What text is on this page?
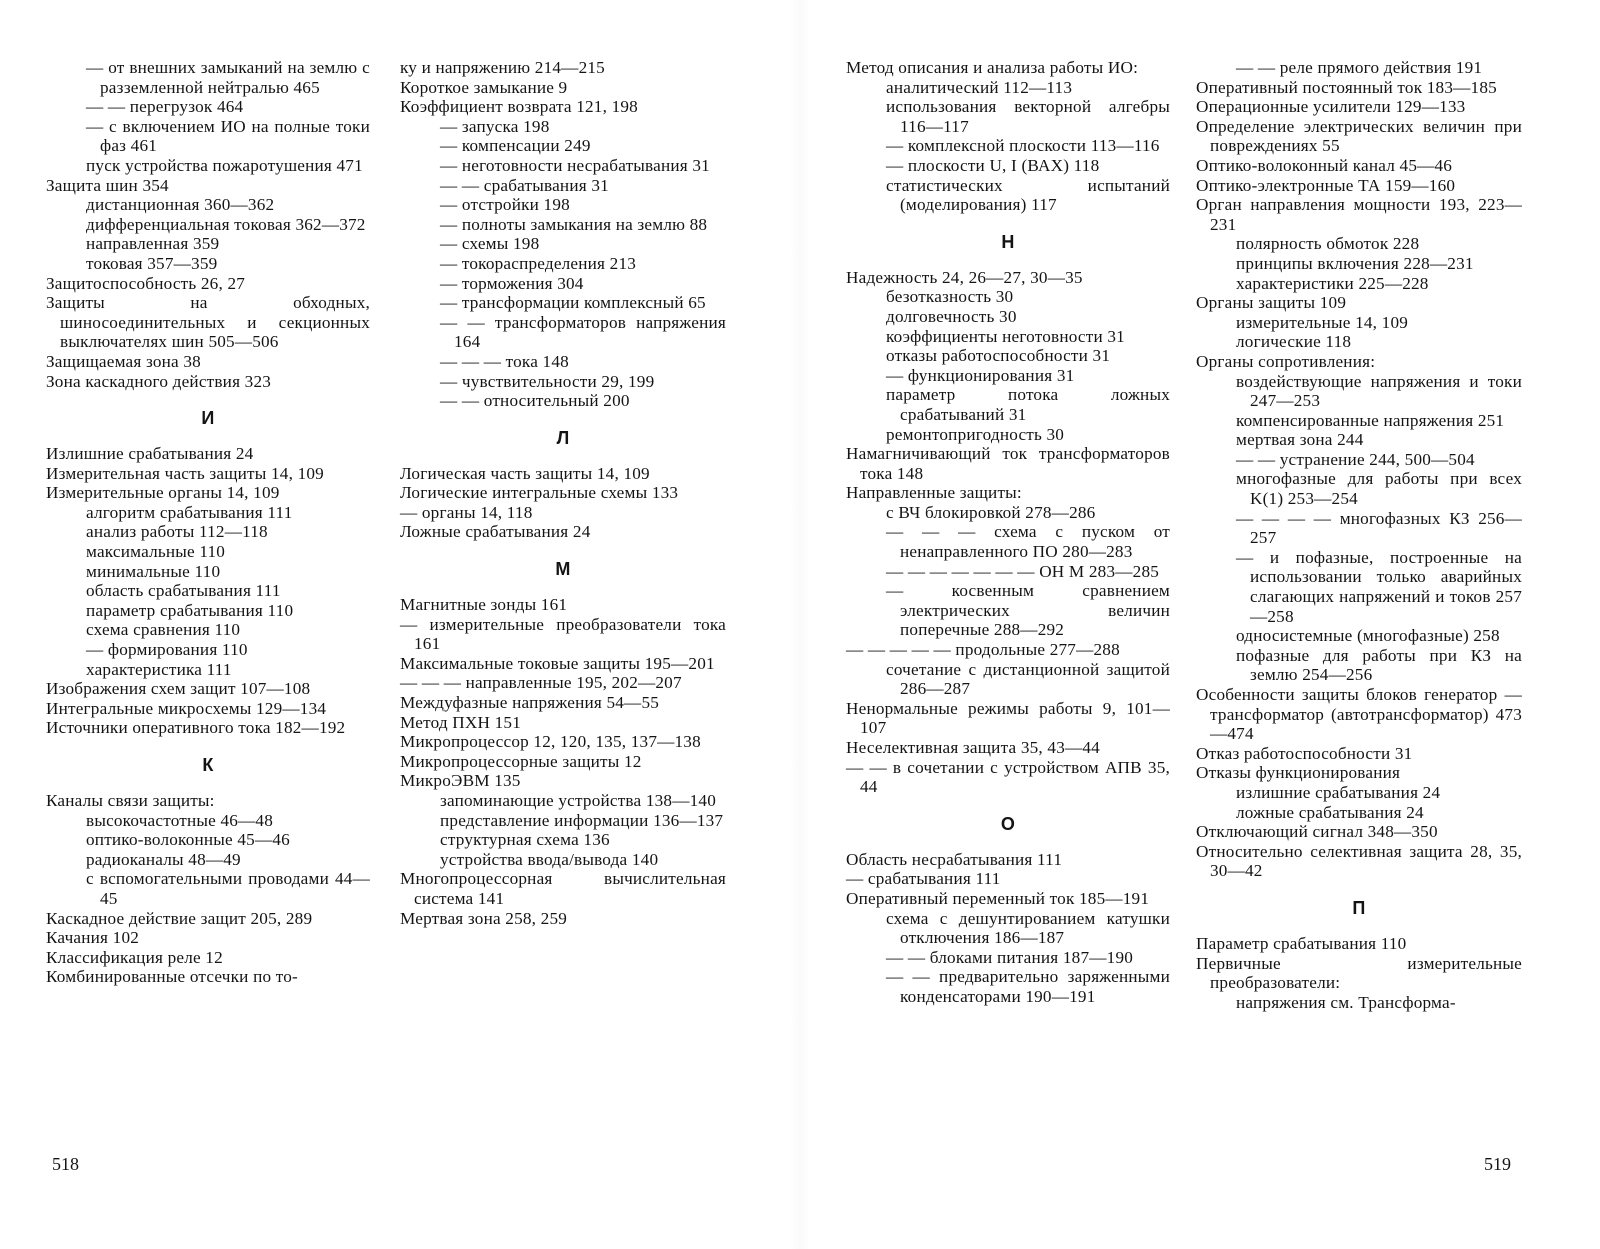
— от внешних замыканий на землю с разземленной нейтралью 465
— — перегрузок 464
— с включением ИО на полные токи фаз 461
пуск устройства пожаротушения 471
Защита шин 354
дистанционная 360—362
дифференциальная токовая 362—372
направленная 359
токовая 357—359
Защитоспособность 26, 27
Защиты на обходных, шиносоединительных и секционных выключателях шин 505—506
Защищаемая зона 38
Зона каскадного действия 323
И
Излишние срабатывания 24
Измерительная часть защиты 14, 109
Измерительные органы 14, 109
алгоритм срабатывания 111
анализ работы 112—118
максимальные 110
минимальные 110
область срабатывания 111
параметр срабатывания 110
схема сравнения 110
— формирования 110
характеристика 111
Изображения схем защит 107—108
Интегральные микросхемы 129—134
Источники оперативного тока 182—192
К
Каналы связи защиты:
высокочастотные 46—48
оптико-волоконные 45—46
радиоканалы 48—49
с вспомогательными проводами 44—45
Каскадное действие защит 205, 289
Качания 102
Классификация реле 12
Комбинированные отсечки по то-
ку и напряжению 214—215
Короткое замыкание 9
Коэффициент возврата 121, 198
— запуска 198
— компенсации 249
— неготовности несрабатывания 31
— — срабатывания 31
— отстройки 198
— полноты замыкания на землю 88
— схемы 198
— токораспределения 213
— торможения 304
— трансформации комплексный 65
— — трансформаторов напряжения 164
— — — тока 148
— чувствительности 29, 199
— — относительный 200
Л
Логическая часть защиты 14, 109
Логические интегральные схемы 133
— органы 14, 118
Ложные срабатывания 24
М
Магнитные зонды 161
— измерительные преобразователи тока 161
Максимальные токовые защиты 195—201
— — — направленные 195, 202—207
Междуфазные напряжения 54—55
Метод ПХН 151
Микропроцессор 12, 120, 135, 137—138
Микропроцессорные защиты 12
МикроЭВМ 135
запоминающие устройства 138—140
представление информации 136—137
структурная схема 136
устройства ввода/вывода 140
Многопроцессорная вычислительная система 141
Мертвая зона 258, 259
Метод описания и анализа работы ИО:
аналитический 112—113
использования векторной алгебры 116—117
— комплексной плоскости 113—116
— плоскости U, I (ВАХ) 118
статистических испытаний (моделирования) 117
Н
Надежность 24, 26—27, 30—35
безотказность 30
долговечность 30
коэффициенты неготовности 31
отказы работоспособности 31
— функционирования 31
параметр потока ложных срабатываний 31
ремонтопригодность 30
Намагничивающий ток трансформаторов тока 148
Направленные защиты:
с ВЧ блокировкой 278—286
— — — схема с пуском от ненаправленного ПО 280—283
— — — — — — — ОН М 283—285
— косвенным сравнением электрических величин поперечные 288—292
— — — — — продольные 277—288
сочетание с дистанционной защитой 286—287
Ненормальные режимы работы 9, 101—107
Неселективная защита 35, 43—44
— — в сочетании с устройством АПВ 35, 44
О
Область несрабатывания 111
— срабатывания 111
Оперативный переменный ток 185—191
схема с дешунтированием катушки отключения 186—187
— — блоками питания 187—190
— — предварительно заряженными конденсаторами 190—191
— — реле прямого действия 191
Оперативный постоянный ток 183—185
Операционные усилители 129—133
Определение электрических величин при повреждениях 55
Оптико-волоконный канал 45—46
Оптико-электронные ТА 159—160
Орган направления мощности 193, 223—231
полярность обмоток 228
принципы включения 228—231
характеристики 225—228
Органы защиты 109
измерительные 14, 109
логические 118
Органы сопротивления:
воздействующие напряжения и токи 247—253
компенсированные напряжения 251
мертвая зона 244
— — устранение 244, 500—504
многофазные для работы при всех K(1) 253—254
— — — — многофазных КЗ 256—257
— и пофазные, построенные на использовании только аварийных слагающих напряжений и токов 257—258
односистемные (многофазные) 258
пофазные для работы при КЗ на землю 254—256
Особенности защиты блоков генератор — трансформатор (автотрансформатор) 473—474
Отказ работоспособности 31
Отказы функционирования
излишние срабатывания 24
ложные срабатывания 24
Отключающий сигнал 348—350
Относительно селективная защита 28, 35, 30—42
П
Параметр срабатывания 110
Первичные измерительные преобразователи:
напряжения см. Трансформа-
518	519
